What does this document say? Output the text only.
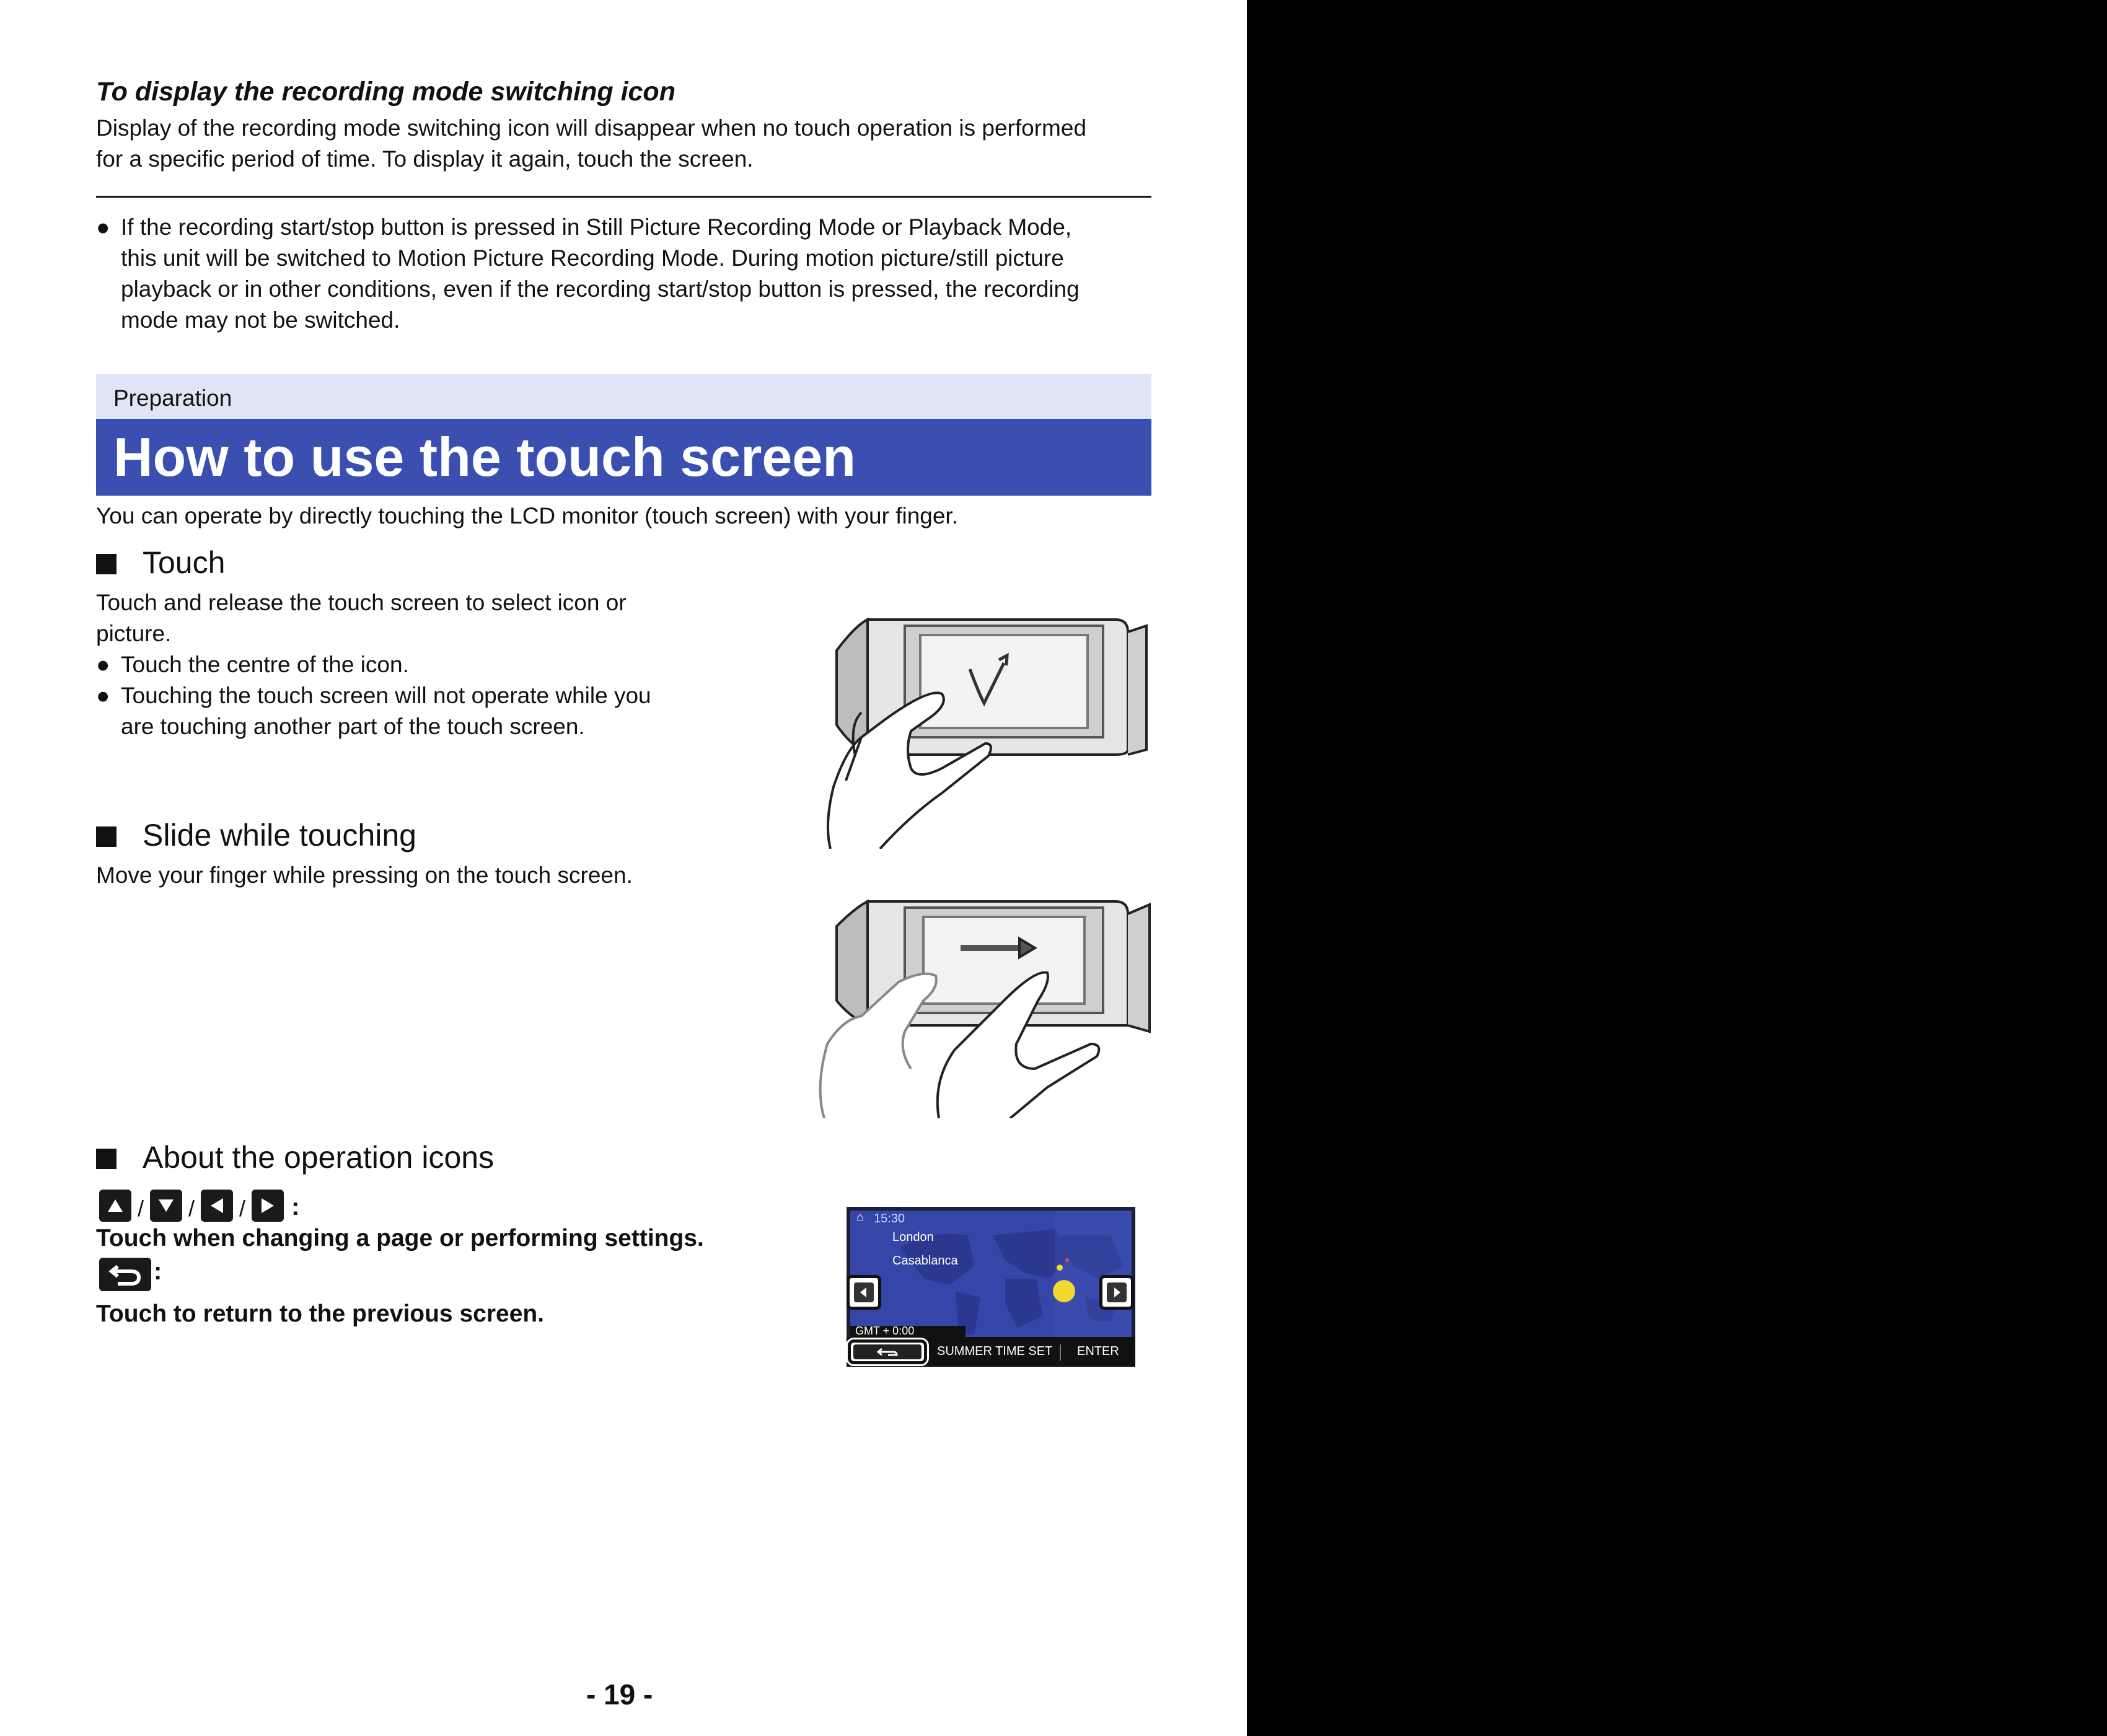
To display the recording mode switching icon
Display of the recording mode switching icon will disappear when no touch operation is performed
for a specific period of time. To display it again, touch the screen.
● If the recording start/stop button is pressed in Still Picture Recording Mode or Playback Mode,
this unit will be switched to Motion Picture Recording Mode. During motion picture/still picture
playback or in other conditions, even if the recording start/stop button is pressed, the recording
mode may not be switched.
Preparation
How to use the touch screen
You can operate by directly touching the LCD monitor (touch screen) with your finger.
Touch
Touch and release the touch screen to select icon or
picture.
● Touch the centre of the icon.
● Touching the touch screen will not operate while you
are touching another part of the touch screen.
Slide while touching
Move your finger while pressing on the touch screen.
About the operation icons
/ / / :
Touch when changing a page or performing settings.
:
Touch to return to the previous screen.
⌂ 15:30
London
Casablanca
GMT + 0:00
SUMMER TIME SET ENTER
- 19 -
